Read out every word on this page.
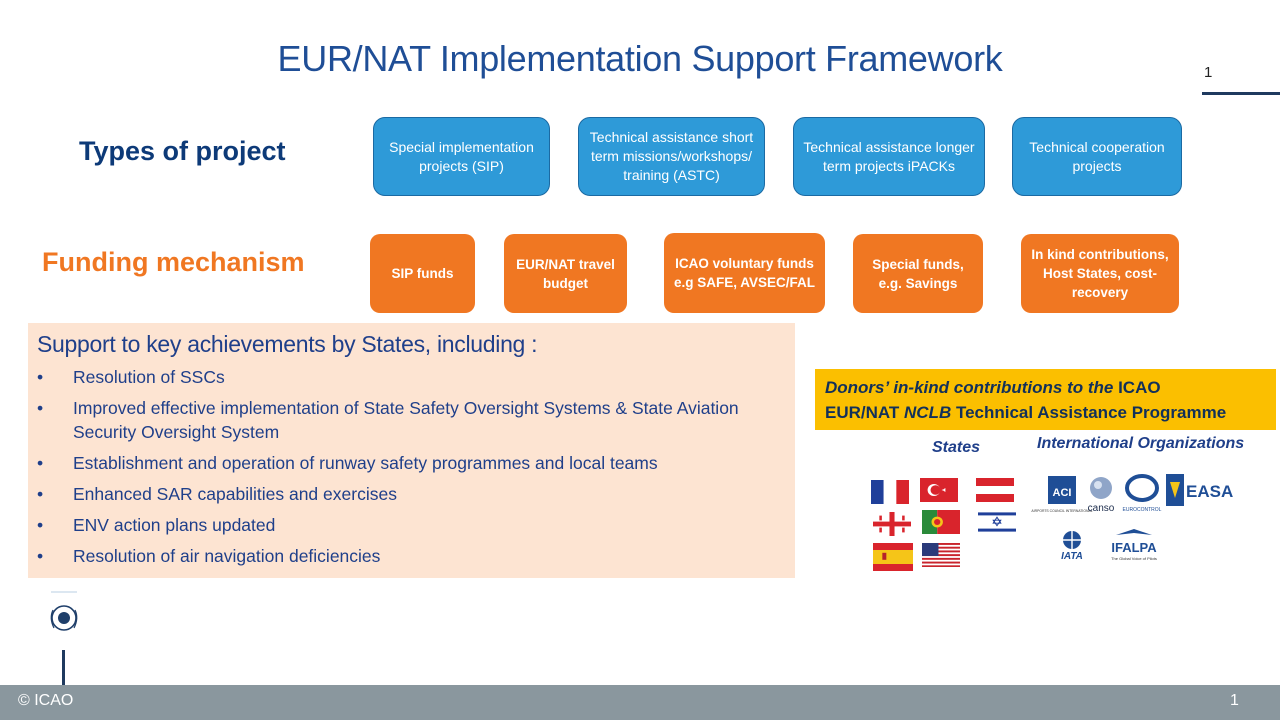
EUR/NAT Implementation Support Framework	1
Types of project
Funding mechanism
Special implementation projects (SIP)
Technical assistance short term missions/workshops/ training (ASTC)
Technical assistance longer term projects iPACKs
Technical cooperation projects
SIP funds
EUR/NAT travel budget
ICAO voluntary funds e.g SAFE, AVSEC/FAL
Special funds, e.g. Savings
In kind contributions, Host States, cost-recovery
Support to key achievements by States, including :
• Resolution of SSCs
• Improved effective implementation of State Safety Oversight Systems & State Aviation Security Oversight System
• Establishment and operation of runway safety programmes and local teams
• Enhanced SAR capabilities and exercises
• ENV action plans updated
• Resolution of air navigation deficiencies
Donors’ in-kind contributions to the ICAO
EUR/NAT NCLB Technical Assistance Programme
States	International Organizations
ACI
AIRPORTS COUNCIL INTERNATIONAL
canso EUROCONTROL
EASA
IATA
IFALPA
The Global Voice of Pilots
© ICAO	1
